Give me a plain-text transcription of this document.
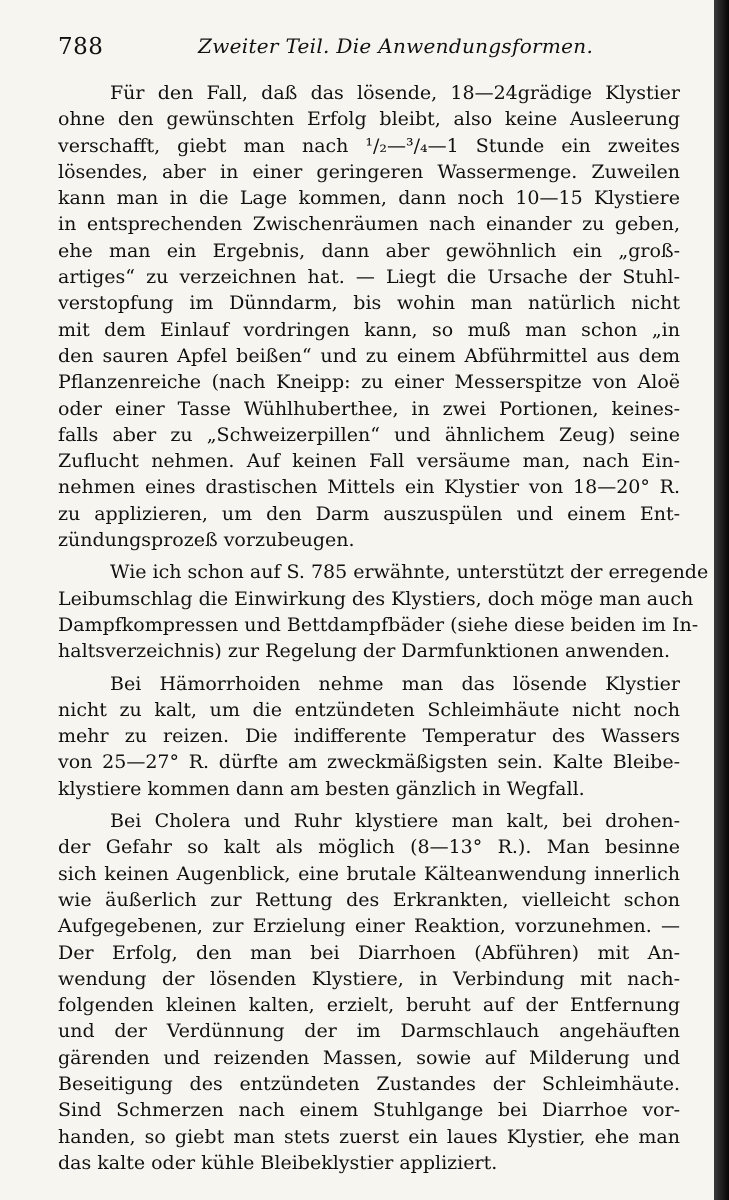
788	Zweiter Teil. Die Anwendungsformen.
Für den Fall, daß das lösende, 18—24grädige Klystier
ohne den gewünschten Erfolg bleibt, also keine Ausleerung
verschafft, giebt man nach ¹/₂—³/₄—1 Stunde ein zweites
lösendes, aber in einer geringeren Wassermenge. Zuweilen
kann man in die Lage kommen, dann noch 10—15 Klystiere
in entsprechenden Zwischenräumen nach einander zu geben,
ehe man ein Ergebnis, dann aber gewöhnlich ein „groß-
artiges“ zu verzeichnen hat. — Liegt die Ursache der Stuhl-
verstopfung im Dünndarm, bis wohin man natürlich nicht
mit dem Einlauf vordringen kann, so muß man schon „in
den sauren Apfel beißen“ und zu einem Abführmittel aus dem
Pflanzenreiche (nach Kneipp: zu einer Messerspitze von Aloë
oder einer Tasse Wühlhuberthee, in zwei Portionen, keines-
falls aber zu „Schweizerpillen“ und ähnlichem Zeug) seine
Zuflucht nehmen. Auf keinen Fall versäume man, nach Ein-
nehmen eines drastischen Mittels ein Klystier von 18—20° R.
zu applizieren, um den Darm auszuspülen und einem Ent-
zündungsprozeß vorzubeugen.
Wie ich schon auf S. 785 erwähnte, unterstützt der erregende
Leibumschlag die Einwirkung des Klystiers, doch möge man auch
Dampfkompressen und Bettdampfbäder (siehe diese beiden im In-
haltsverzeichnis) zur Regelung der Darmfunktionen anwenden.
Bei Hämorrhoiden nehme man das lösende Klystier
nicht zu kalt, um die entzündeten Schleimhäute nicht noch
mehr zu reizen. Die indifferente Temperatur des Wassers
von 25—27° R. dürfte am zweckmäßigsten sein. Kalte Bleibe-
klystiere kommen dann am besten gänzlich in Wegfall.
Bei Cholera und Ruhr klystiere man kalt, bei drohen-
der Gefahr so kalt als möglich (8—13° R.). Man besinne
sich keinen Augenblick, eine brutale Kälteanwendung innerlich
wie äußerlich zur Rettung des Erkrankten, vielleicht schon
Aufgegebenen, zur Erzielung einer Reaktion, vorzunehmen. —
Der Erfolg, den man bei Diarrhoen (Abführen) mit An-
wendung der lösenden Klystiere, in Verbindung mit nach-
folgenden kleinen kalten, erzielt, beruht auf der Entfernung
und der Verdünnung der im Darmschlauch angehäuften
gärenden und reizenden Massen, sowie auf Milderung und
Beseitigung des entzündeten Zustandes der Schleimhäute.
Sind Schmerzen nach einem Stuhlgange bei Diarrhoe vor-
handen, so giebt man stets zuerst ein laues Klystier, ehe man
das kalte oder kühle Bleibeklystier appliziert.
